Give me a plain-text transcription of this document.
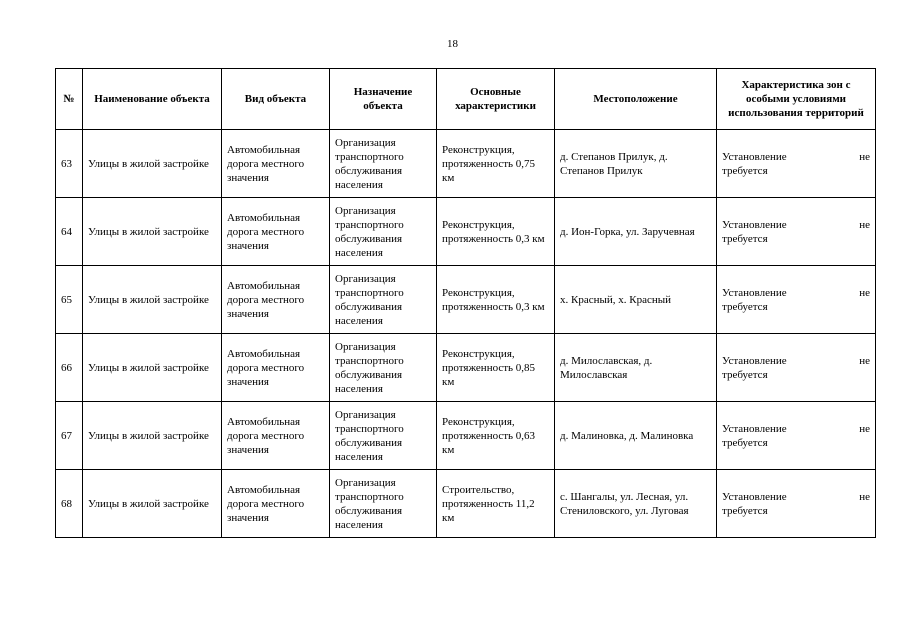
18
№	Наименование объекта	Вид объекта	Назначение объекта	Основные характеристики	Местоположение	Характеристика зон с особыми условиями использования территорий
63	Улицы в жилой застройке	Автомобильная дорога местного значения	Организация транспортного обслуживания населения	Реконструкция, протяженность 0,75 км	д. Степанов Прилук, д. Степанов Прилук	Установление не
требуется

64	Улицы в жилой застройке	Автомобильная дорога местного значения	Организация транспортного обслуживания населения	Реконструкция, протяженность 0,3 км	д. Ион-Горка, ул. Заручевная	Установление не
требуется

65	Улицы в жилой застройке	Автомобильная дорога местного значения	Организация транспортного обслуживания населения	Реконструкция, протяженность 0,3 км	х. Красный, х. Красный	Установление не
требуется

66	Улицы в жилой застройке	Автомобильная дорога местного значения	Организация транспортного обслуживания населения	Реконструкция, протяженность 0,85 км	д. Милославская, д. Милославская	Установление не
требуется

67	Улицы в жилой застройке	Автомобильная дорога местного значения	Организация транспортного обслуживания населения	Реконструкция, протяженность 0,63 км	д. Малиновка, д. Малиновка	Установление не
требуется

68	Улицы в жилой застройке	Автомобильная дорога местного значения	Организация транспортного обслуживания населения	Строительство, протяженность 11,2 км	с. Шангалы, ул. Лесная, ул. Стениловского, ул. Луговая	Установление не
требуется
